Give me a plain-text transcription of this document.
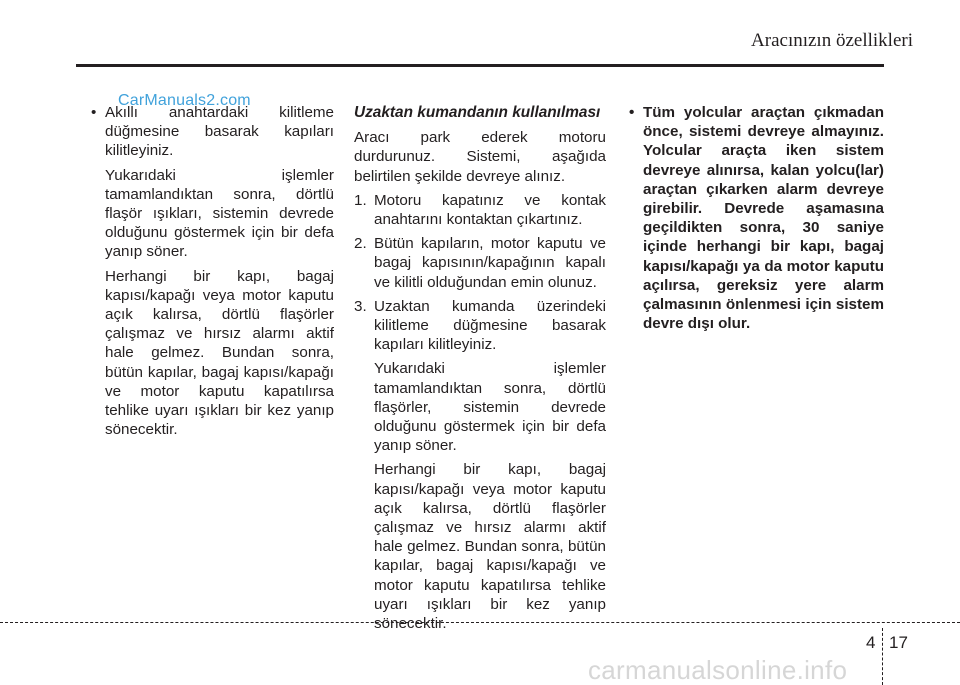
Aracınızın özellikleri
CarManuals2.com

• Akıllı anahtardaki kilitleme düğmesine basarak kapıları kilitleyiniz.

Yukarıdaki işlemler tamamlandıktan sonra, dörtlü flaşör ışıkları, sistemin devrede olduğunu göstermek için bir defa yanıp söner.

Herhangi bir kapı, bagaj kapısı/kapağı veya motor kaputu açık kalırsa, dörtlü flaşörler çalışmaz ve hırsız alarmı aktif hale gelmez. Bundan sonra, bütün kapılar, bagaj kapısı/kapağı ve motor kaputu kapatılırsa tehlike uyarı ışıkları bir kez yanıp sönecektir.

Uzaktan kumandanın kullanılması

Aracı park ederek motoru durdurunuz. Sistemi, aşağıda belirtilen şekilde devreye alınız.

1. Motoru kapatınız ve kontak anahtarını kontaktan çıkartınız.

2. Bütün kapıların, motor kaputu ve bagaj kapısının/kapağının kapalı ve kilitli olduğundan emin olunuz.

3. Uzaktan kumanda üzerindeki kilitleme düğmesine basarak kapıları kilitleyiniz.

Yukarıdaki işlemler tamamlandıktan sonra, dörtlü flaşörler, sistemin devrede olduğunu göstermek için bir defa yanıp söner.

Herhangi bir kapı, bagaj kapısı/kapağı veya motor kaputu açık kalırsa, dörtlü flaşörler çalışmaz ve hırsız alarmı aktif hale gelmez. Bundan sonra, bütün kapılar, bagaj kapısı/kapağı ve motor kaputu kapatılırsa tehlike uyarı ışıkları bir kez yanıp sönecektir.

• Tüm yolcular araçtan çıkmadan önce, sistemi devreye almayınız. Yolcular araçta iken sistem devreye alınırsa, kalan yolcu(lar) araçtan çıkarken alarm devreye girebilir. Devrede aşamasına geçildikten sonra, 30 saniye içinde herhangi bir kapı, bagaj kapısı/kapağı ya da motor kaputu açılırsa, gereksiz yere alarm çalmasının önlenmesi için sistem devre dışı olur.

4 17
carmanualsonline.info
